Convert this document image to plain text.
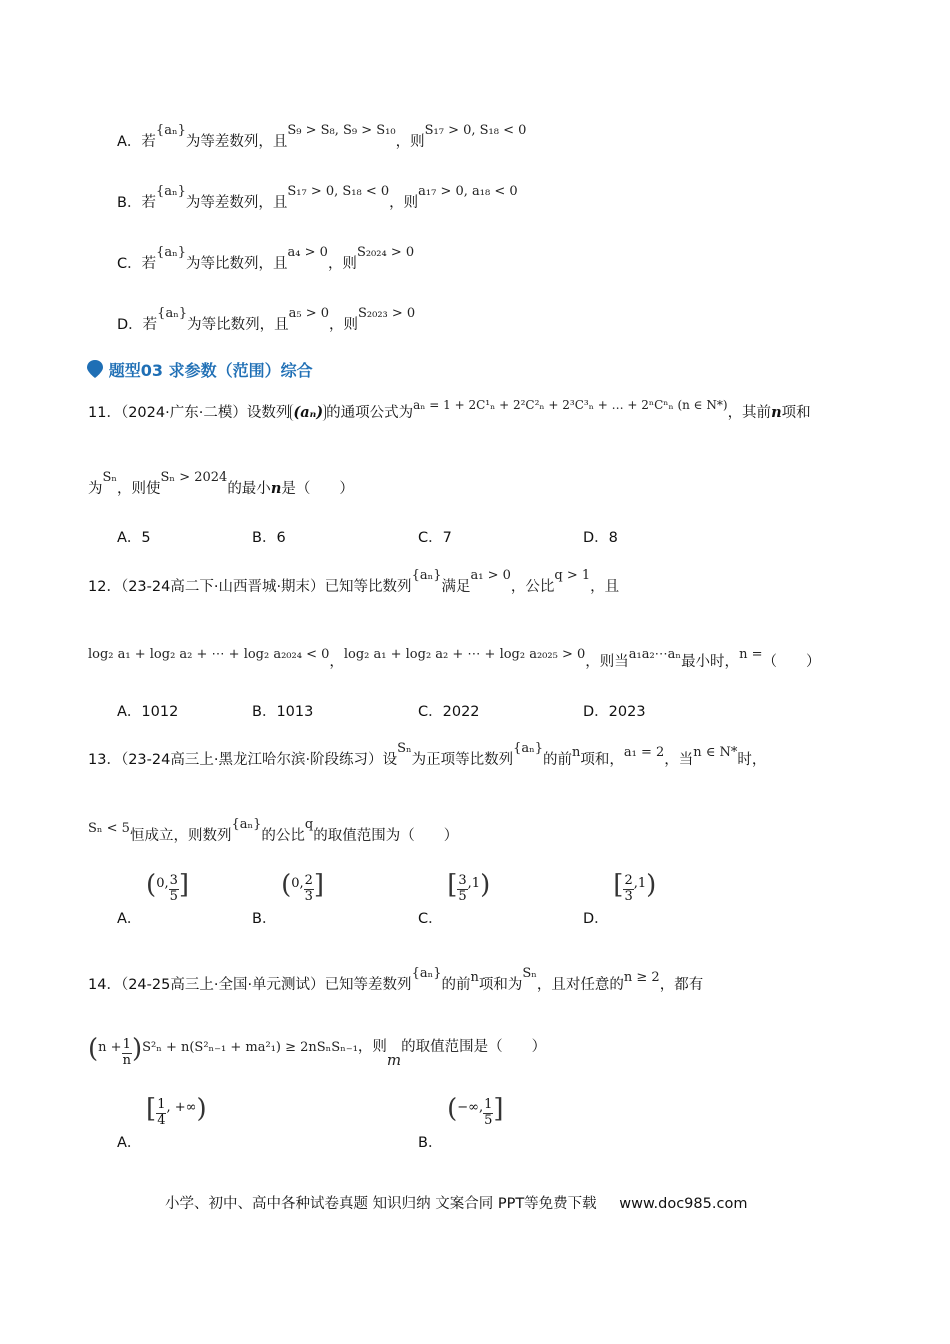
A．若{aₙ}为等差数列，且S₉ > S₈, S₉ > S₁₀，则S₁₇ > 0, S₁₈ < 0
B．若{aₙ}为等差数列，且S₁₇ > 0, S₁₈ < 0，则a₁₇ > 0, a₁₈ < 0
C．若{aₙ}为等比数列，且a₄ > 0，则S₂₀₂₄ > 0
D．若{aₙ}为等比数列，且a₅ > 0，则S₂₀₂₃ > 0
题型03 求参数（范围）综合
11．（2024·广东·二模）设数列 (aₙ) 的通项公式为$^{a_n = 1 + 2C^1_n + 2^2C^2_n + 2^3C^3_n + \dots + 2^nC^n_n (n \in N*)}$，其前n项和
为Sₙ，则使Sₙ > 2024的最小n是（　　）
A．5	B．6	C．7	D．8
12．（23-24高二下·山西晋城·期末）已知等比数列{aₙ}满足a₁ > 0，公比q > 1，且
log₂ a₁ + log₂ a₂ + ⋯ + log₂ a₂₀₂₄ < 0，log₂ a₁ + log₂ a₂ + ⋯ + log₂ a₂₀₂₅ > 0，则当a₁a₂⋯aₙ最小时，n =（　　）
A．1012	B．1013	C．2022	D．2023
13．（23-24高三上·黑龙江哈尔滨·阶段练习）设Sₙ为正项等比数列{aₙ}的前n项和，a₁ = 2，当n ∈ N*时，
Sₙ < 5恒成立，则数列{aₙ}的公比q的取值范围为（　　）
A． (0, $\frac{3}{5}$ ]
B． (0, $\frac{2}{3}$ ]
C． [ $\frac{3}{5} ,1$)
D． [ $\frac{2}{3} ,1$)
14．（24-25高三上·全国·单元测试）已知等差数列{aₙ}的前n项和为Sₙ，且对任意的n ≥ 2，都有
$(n + \frac{1}{n} )S^2_n + n(S^2_{n-1} + ma^2_1) \ge 2nS_nS_{n-1}$，则m的取值范围是（　　）
A． [ $\frac{1}{4}$ , +∞)
B． (−∞, $\frac{1}{5}$ ]
小学、初中、高中各种试卷真题 知识归纳 文案合同 PPT等免费下载 www.doc985.com
